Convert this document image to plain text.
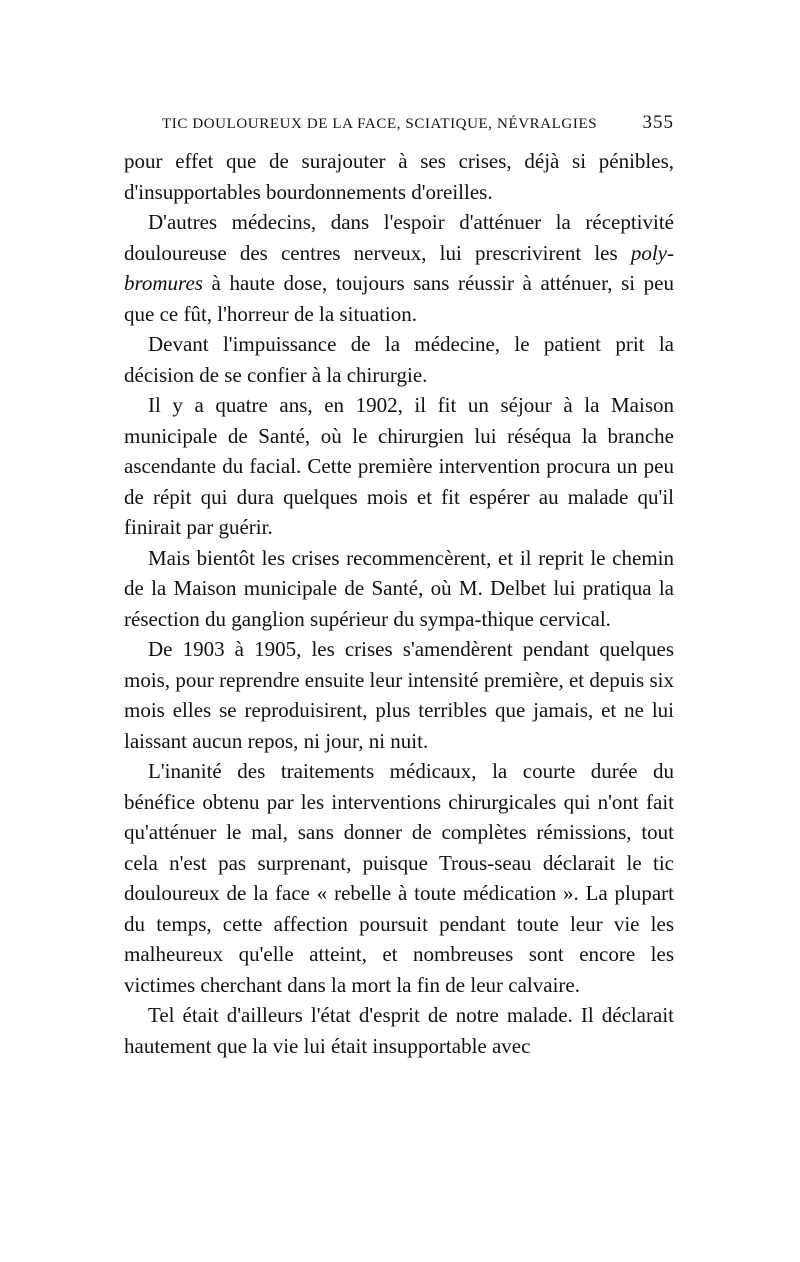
TIC DOULOUREUX DE LA FACE, SCIATIQUE, NÉVRALGIES 355

pour effet que de surajouter à ses crises, déjà si pénibles, d'insupportables bourdonnements d'oreilles.

D'autres médecins, dans l'espoir d'atténuer la réceptivité douloureuse des centres nerveux, lui prescrivirent les poly-bromures à haute dose, toujours sans réussir à atténuer, si peu que ce fût, l'horreur de la situation.

Devant l'impuissance de la médecine, le patient prit la décision de se confier à la chirurgie.

Il y a quatre ans, en 1902, il fit un séjour à la Maison municipale de Santé, où le chirurgien lui réséqua la branche ascendante du facial. Cette première intervention procura un peu de répit qui dura quelques mois et fit espérer au malade qu'il finirait par guérir.

Mais bientôt les crises recommencèrent, et il reprit le chemin de la Maison municipale de Santé, où M. Delbet lui pratiqua la résection du ganglion supérieur du sympa-thique cervical.

De 1903 à 1905, les crises s'amendèrent pendant quelques mois, pour reprendre ensuite leur intensité première, et depuis six mois elles se reproduisirent, plus terribles que jamais, et ne lui laissant aucun repos, ni jour, ni nuit.

L'inanité des traitements médicaux, la courte durée du bénéfice obtenu par les interventions chirurgicales qui n'ont fait qu'atténuer le mal, sans donner de complètes rémissions, tout cela n'est pas surprenant, puisque Trous-seau déclarait le tic douloureux de la face « rebelle à toute médication ». La plupart du temps, cette affection poursuit pendant toute leur vie les malheureux qu'elle atteint, et nombreuses sont encore les victimes cherchant dans la mort la fin de leur calvaire.

Tel était d'ailleurs l'état d'esprit de notre malade. Il déclarait hautement que la vie lui était insupportable avec
